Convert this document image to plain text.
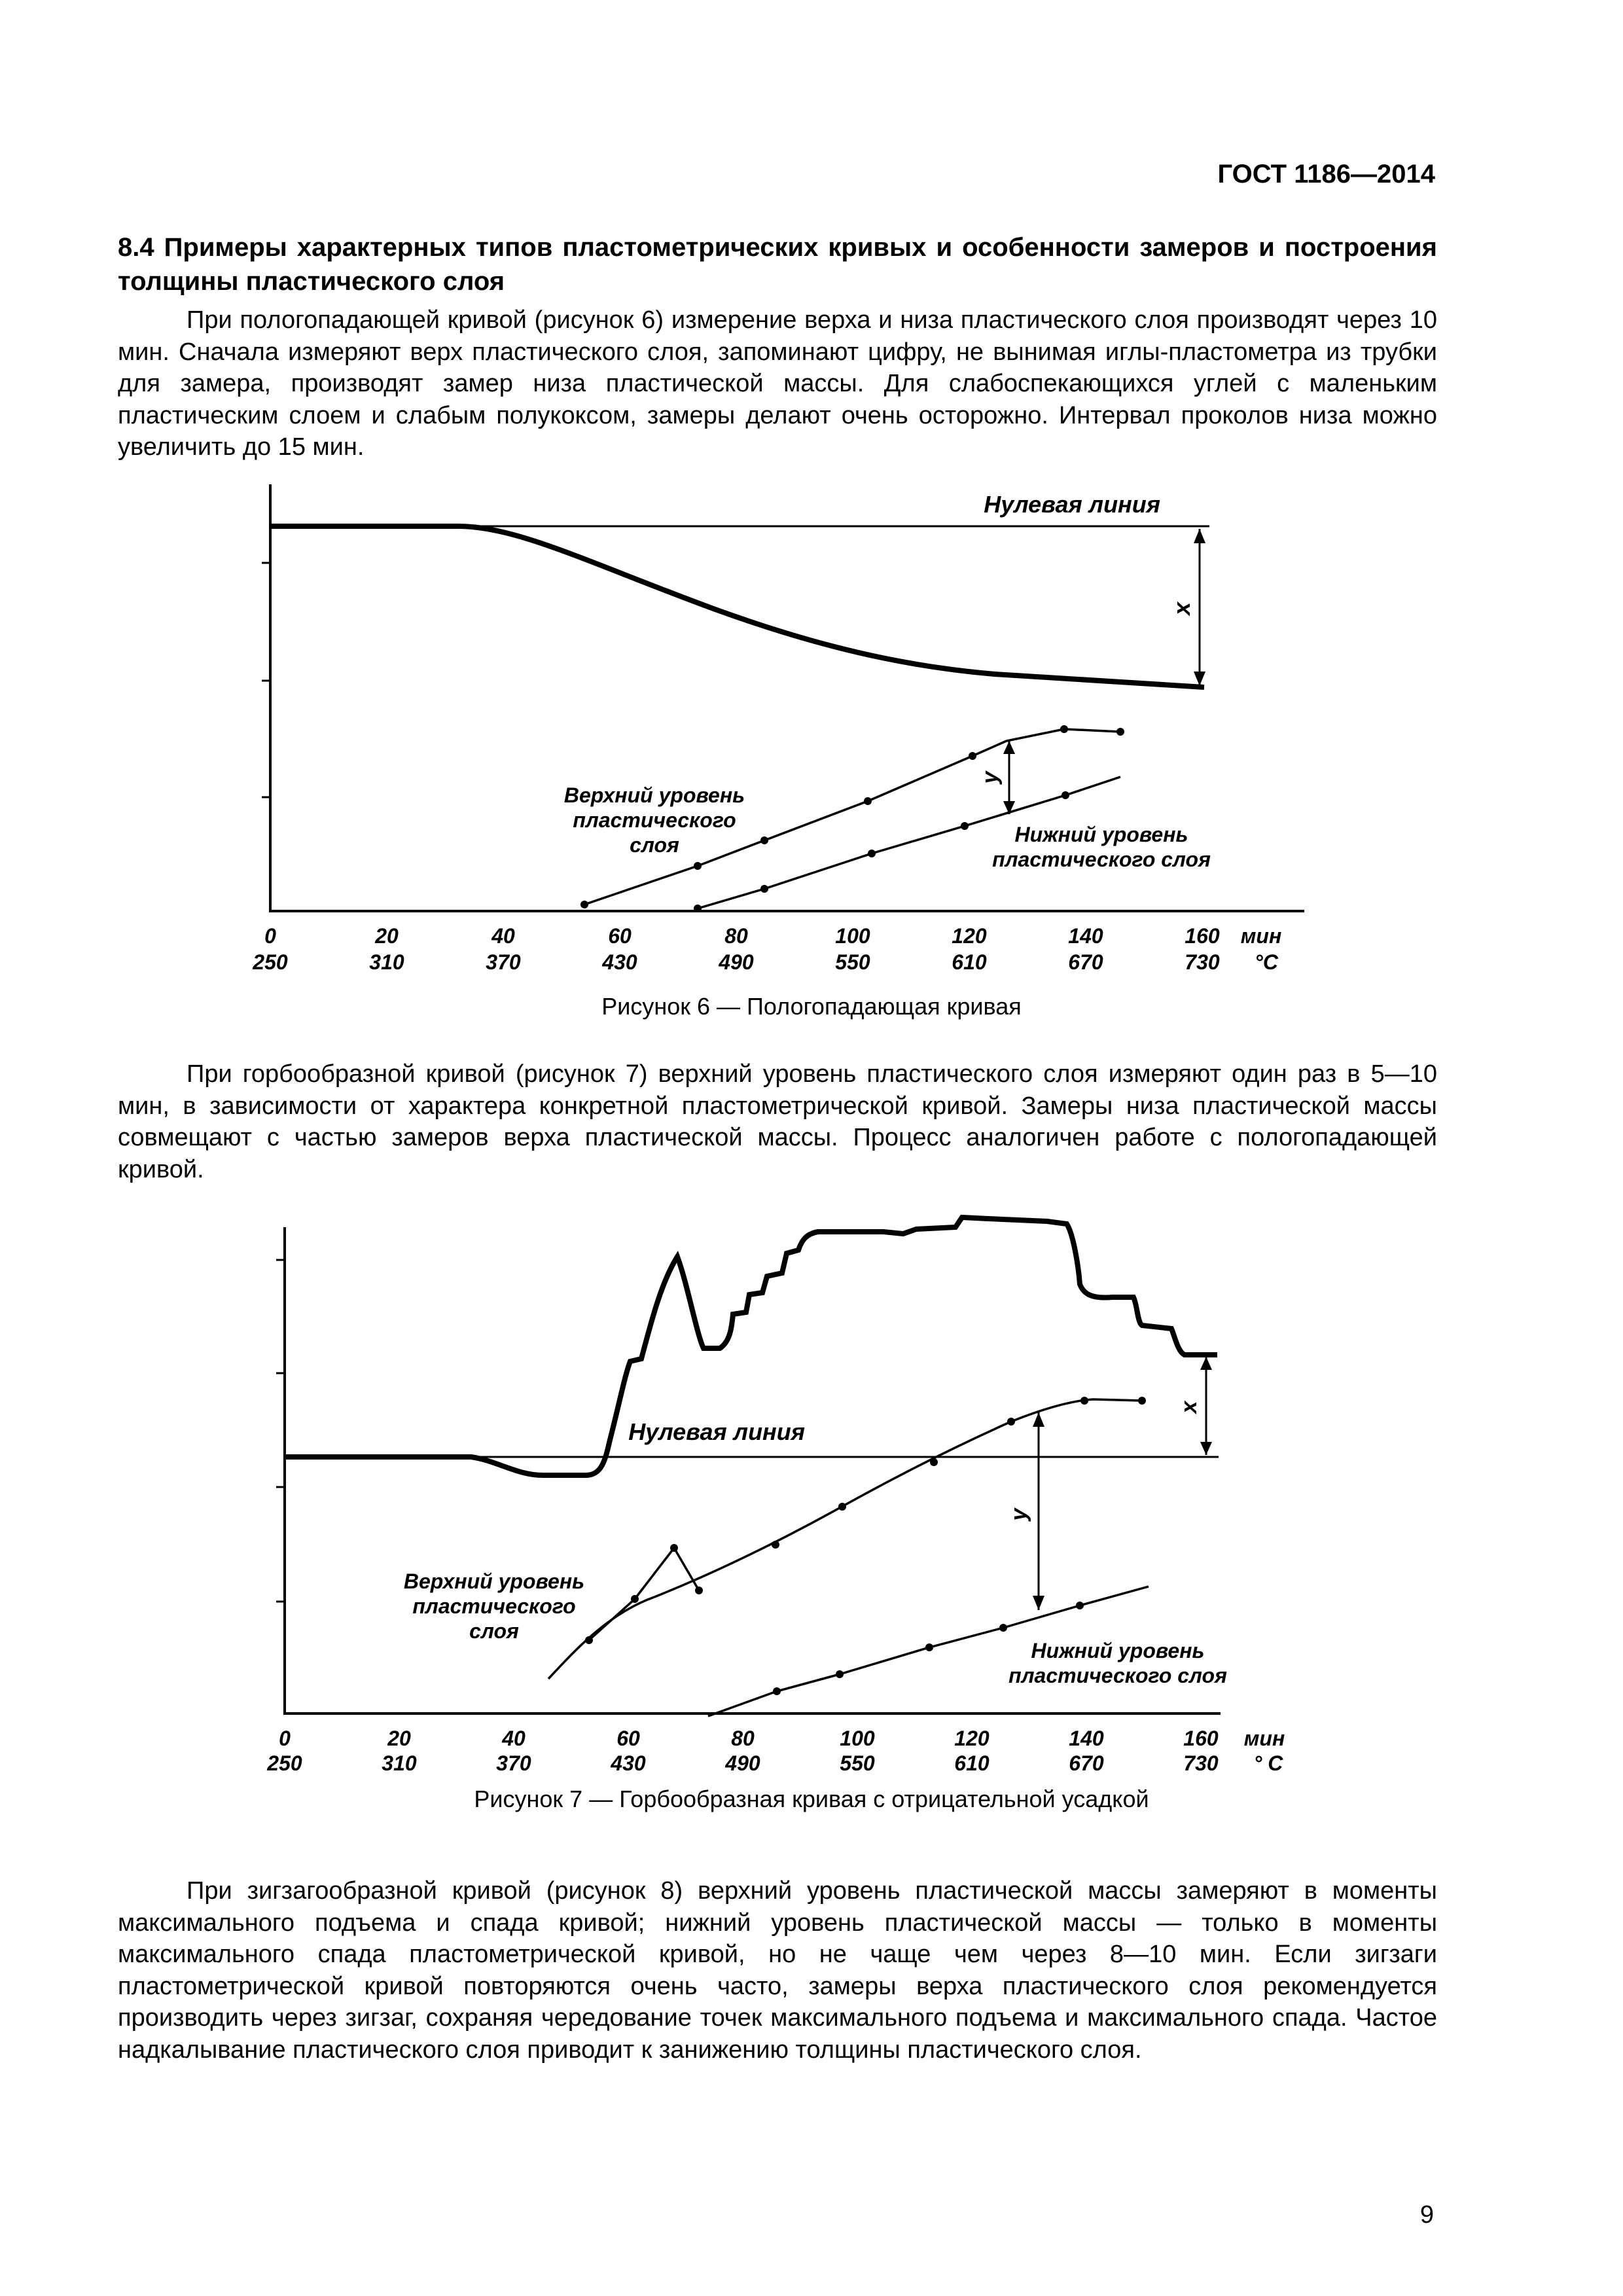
ГОСТ 1186—2014
8.4 Примеры характерных типов пластометрических кривых и особенности замеров и построения толщины пластического слоя
При пологопадающей кривой (рисунок 6) измерение верха и низа пластического слоя производят через 10 мин. Сначала измеряют верх пластического слоя, запоминают цифру, не вынимая иглы-пластометра из трубки для замера, производят замер низа пластической массы. Для слабоспекающихся углей с маленьким пластическим слоем и слабым полукоксом, замеры делают очень осторожно. Интервал проколов низа можно увеличить до 15 мин.
x
y
Нулевая линия
Верхний уровень
пластического
слоя	Нижний уровень
пластического слоя
0	20	40	60	80	100	120	140	160 мин
250	310	370	430	490	550	610	670	730 °C
Рисунок 6 — Пологопадающая кривая
При горбообразной кривой (рисунок 7) верхний уровень пластического слоя измеряют один раз в 5—10 мин, в зависимости от характера конкретной пластометрической кривой. Замеры низа пластической массы совмещают с частью замеров верха пластической массы. Процесс аналогичен работе с пологопадающей кривой.
x
y
Нулевая линия
Верхний уровень
пластического
слоя
Нижний уровень
пластического слоя
0	20	40	60	80	100	120	140	160 мин
250	310	370	430	490	550	610	670	730 ° C
Рисунок 7 — Горбообразная кривая с отрицательной усадкой
При зигзагообразной кривой (рисунок 8) верхний уровень пластической массы замеряют в моменты максимального подъема и спада кривой; нижний уровень пластической массы — только в моменты максимального спада пластометрической кривой, но не чаще чем через 8—10 мин. Если зигзаги пластометрической кривой повторяются очень часто, замеры верха пластического слоя рекомендуется производить через зигзаг, сохраняя чередование точек максимального подъема и максимального спада. Частое надкалывание пластического слоя приводит к занижению толщины пластического слоя.
9
